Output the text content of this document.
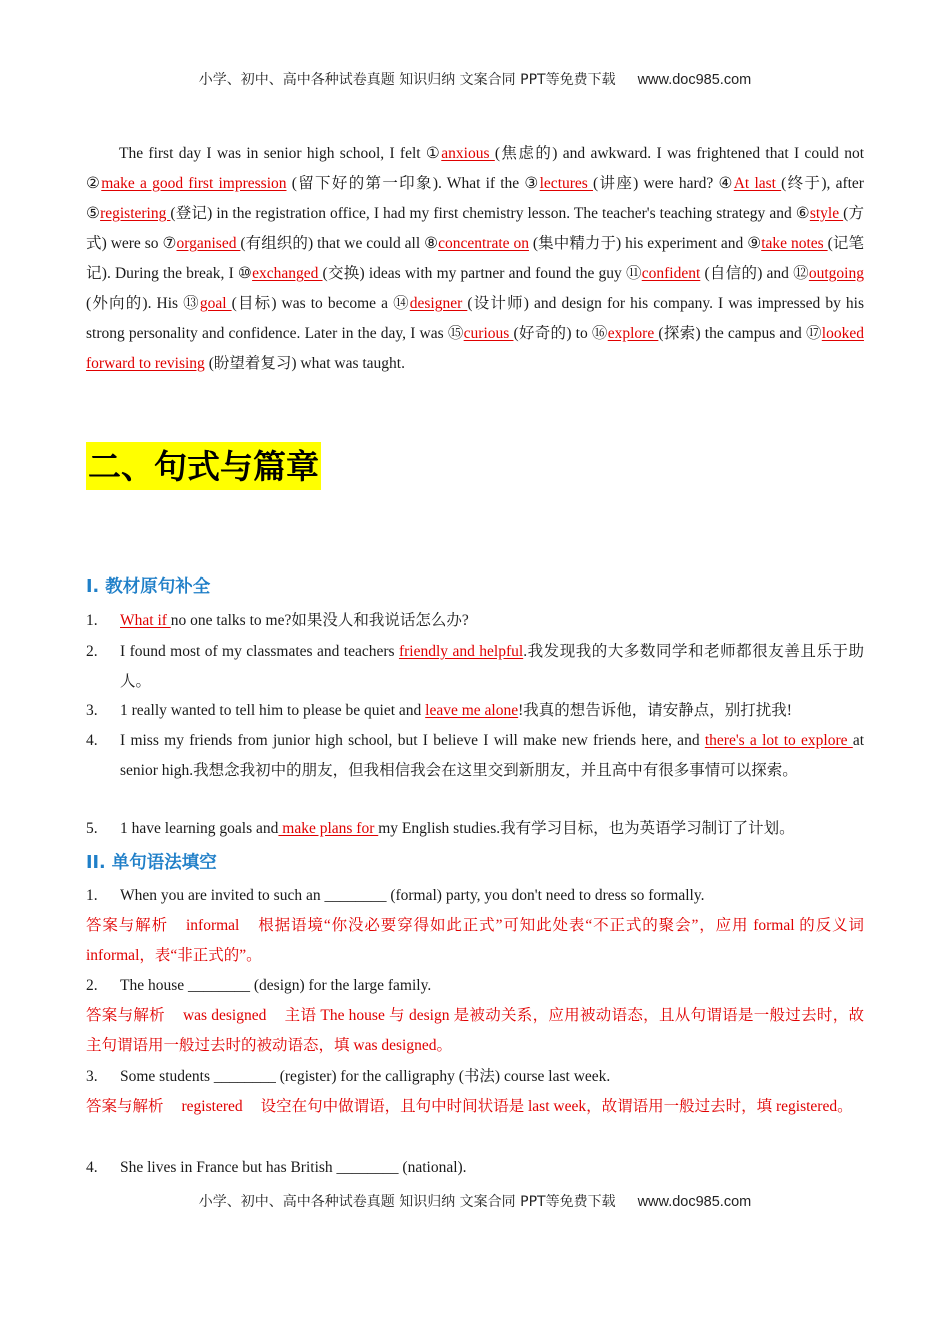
小学、初中、高中各种试卷真题 知识归纳 文案合同 PPT等免费下载 www.doc985.com
The first day I was in senior high school, I felt ①anxious (焦虑的) and awkward. I was frightened that I could not ②make a good first impression (留下好的第一印象). What if the ③lectures (讲座) were hard? ④At last (终于), after ⑤registering (登记) in the registration office, I had my first chemistry lesson. The teacher's teaching strategy and ⑥style (方式) were so ⑦organised (有组织的) that we could all ⑧concentrate on (集中精力于) his experiment and ⑨take notes (记笔记). During the break, I ⑩exchanged (交换) ideas with my partner and found the guy ⑪confident (自信的) and ⑫outgoing (外向的). His ⑬goal (目标) was to become a ⑭designer (设计师) and design for his company. I was impressed by his strong personality and confidence. Later in the day, I was ⑮curious (好奇的) to ⑯explore (探索) the campus and ⑰looked forward to revising (盼望着复习) what was taught.
二、句式与篇章
I. 教材原句补全
1.	What if no one talks to me?如果没人和我说话怎么办?
2.	I found most of my classmates and teachers friendly and helpful.我发现我的大多数同学和老师都很友善且乐于助人。
3.	1 really wanted to tell him to please be quiet and leave me alone!我真的想告诉他，请安静点，别打扰我!
4.	I miss my friends from junior high school, but I believe I will make new friends here, and there's a lot to explore at senior high.我想念我初中的朋友，但我相信我会在这里交到新朋友，并且高中有很多事情可以探索。
5.	1 have learning goals and make plans for my English studies.我有学习目标，也为英语学习制订了计划。
II. 单句语法填空
1.	When you are invited to such an ________ (formal) party, you don't need to dress so formally.
答案与解析 informal 根据语境“你没必要穿得如此正式”可知此处表“不正式的聚会”，应用 formal 的反义词 informal，表“非正式的”。
2.	The house ________ (design) for the large family.
答案与解析 was designed 主语 The house 与 design 是被动关系，应用被动语态，且从句谓语是一般过去时，故主句谓语用一般过去时的被动语态，填 was designed。
3.	Some students ________ (register) for the calligraphy (书法) course last week.
答案与解析 registered 设空在句中做谓语，且句中时间状语是 last week，故谓语用一般过去时，填 registered。
4.	She lives in France but has British ________ (national).
小学、初中、高中各种试卷真题 知识归纳 文案合同 PPT等免费下载 www.doc985.com
